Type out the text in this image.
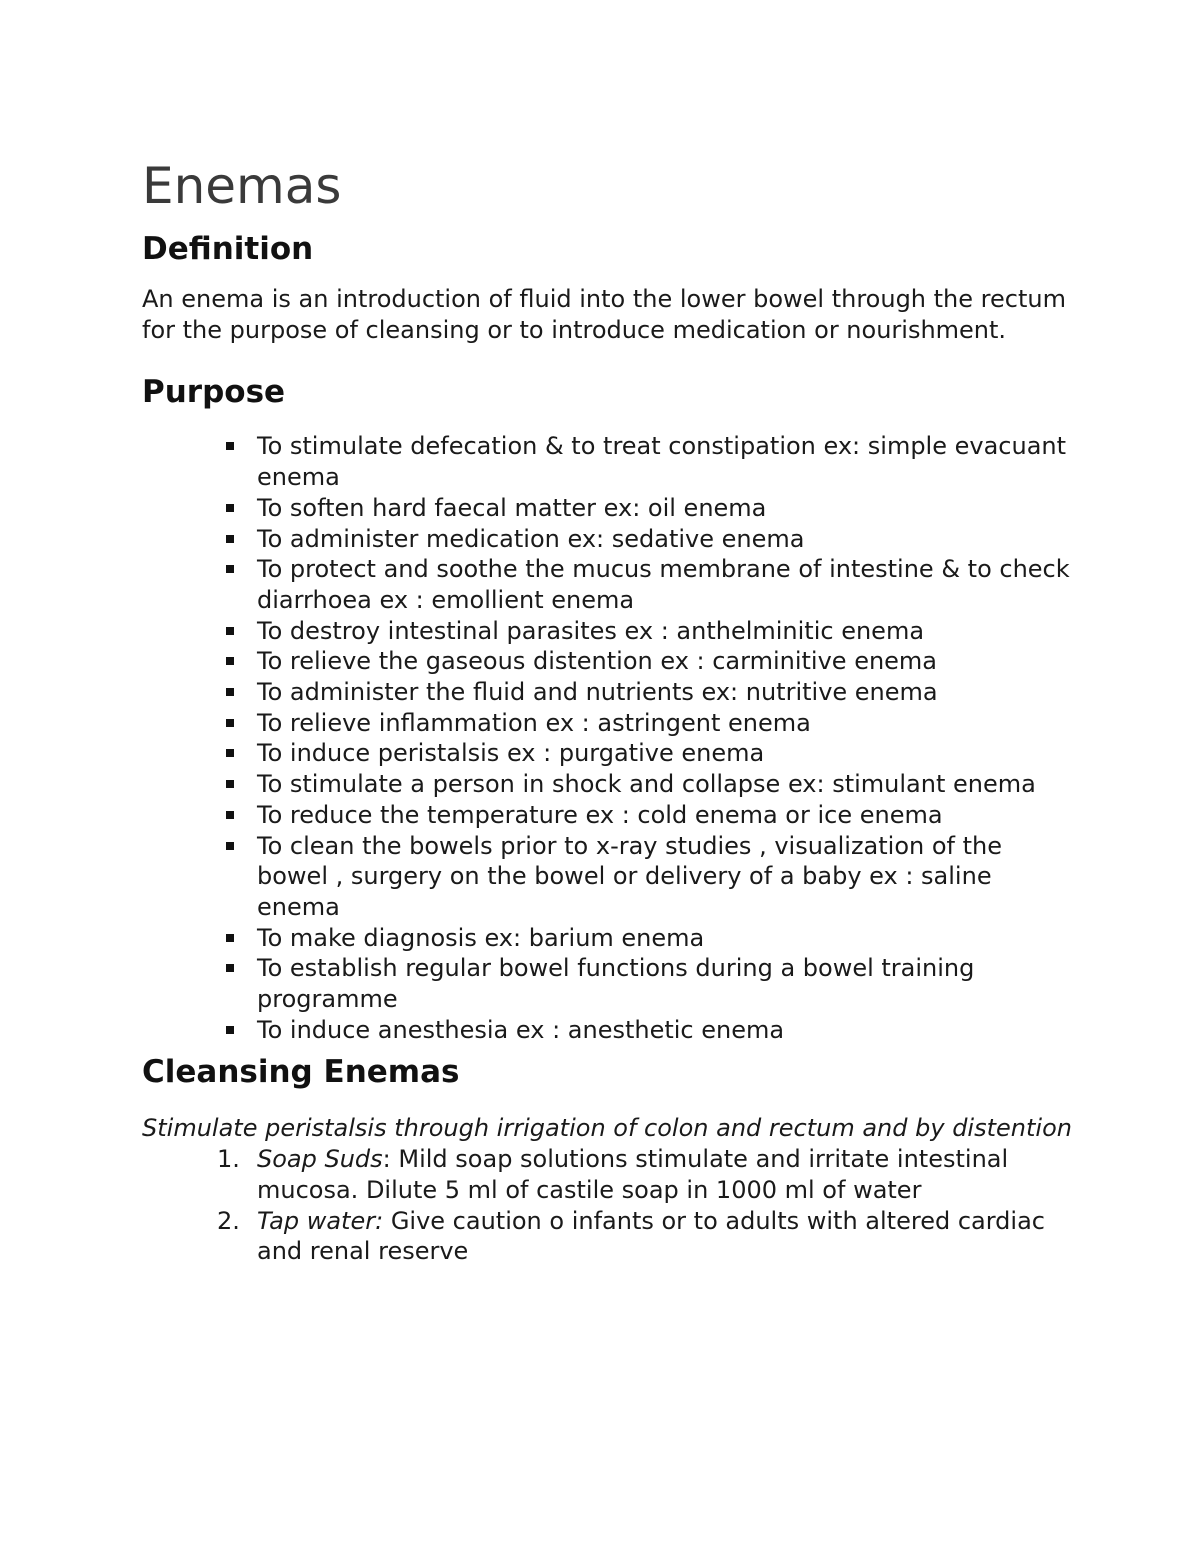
Enemas
Definition

An enema is an introduction of fluid into the lower bowel through the rectum for the purpose of cleansing or to introduce medication or nourishment.

Purpose
To stimulate defecation & to treat constipation ex: simple evacuant enema
To soften hard faecal matter ex: oil enema
To administer medication ex: sedative enema
To protect and soothe the mucus membrane of intestine & to check diarrhoea ex : emollient enema
To destroy intestinal parasites ex : anthelminitic enema
To relieve the gaseous distention ex : carminitive enema
To administer the fluid and nutrients ex: nutritive enema
To relieve inflammation ex : astringent enema
To induce peristalsis ex : purgative enema
To stimulate a person in shock and collapse ex: stimulant enema
To reduce the temperature ex : cold enema or ice enema
To clean the bowels prior to x-ray studies , visualization of the bowel , surgery on the bowel or delivery of a baby ex : saline enema
To make diagnosis ex: barium enema
To establish regular bowel functions during a bowel training programme
To induce anesthesia ex : anesthetic enema
Cleansing Enemas

Stimulate peristalsis through irrigation of colon and rectum and by distention

1. Soap Suds: Mild soap solutions stimulate and irritate intestinal mucosa. Dilute 5 ml of castile soap in 1000 ml of water
2. Tap water: Give caution o infants or to adults with altered cardiac and renal reserve
